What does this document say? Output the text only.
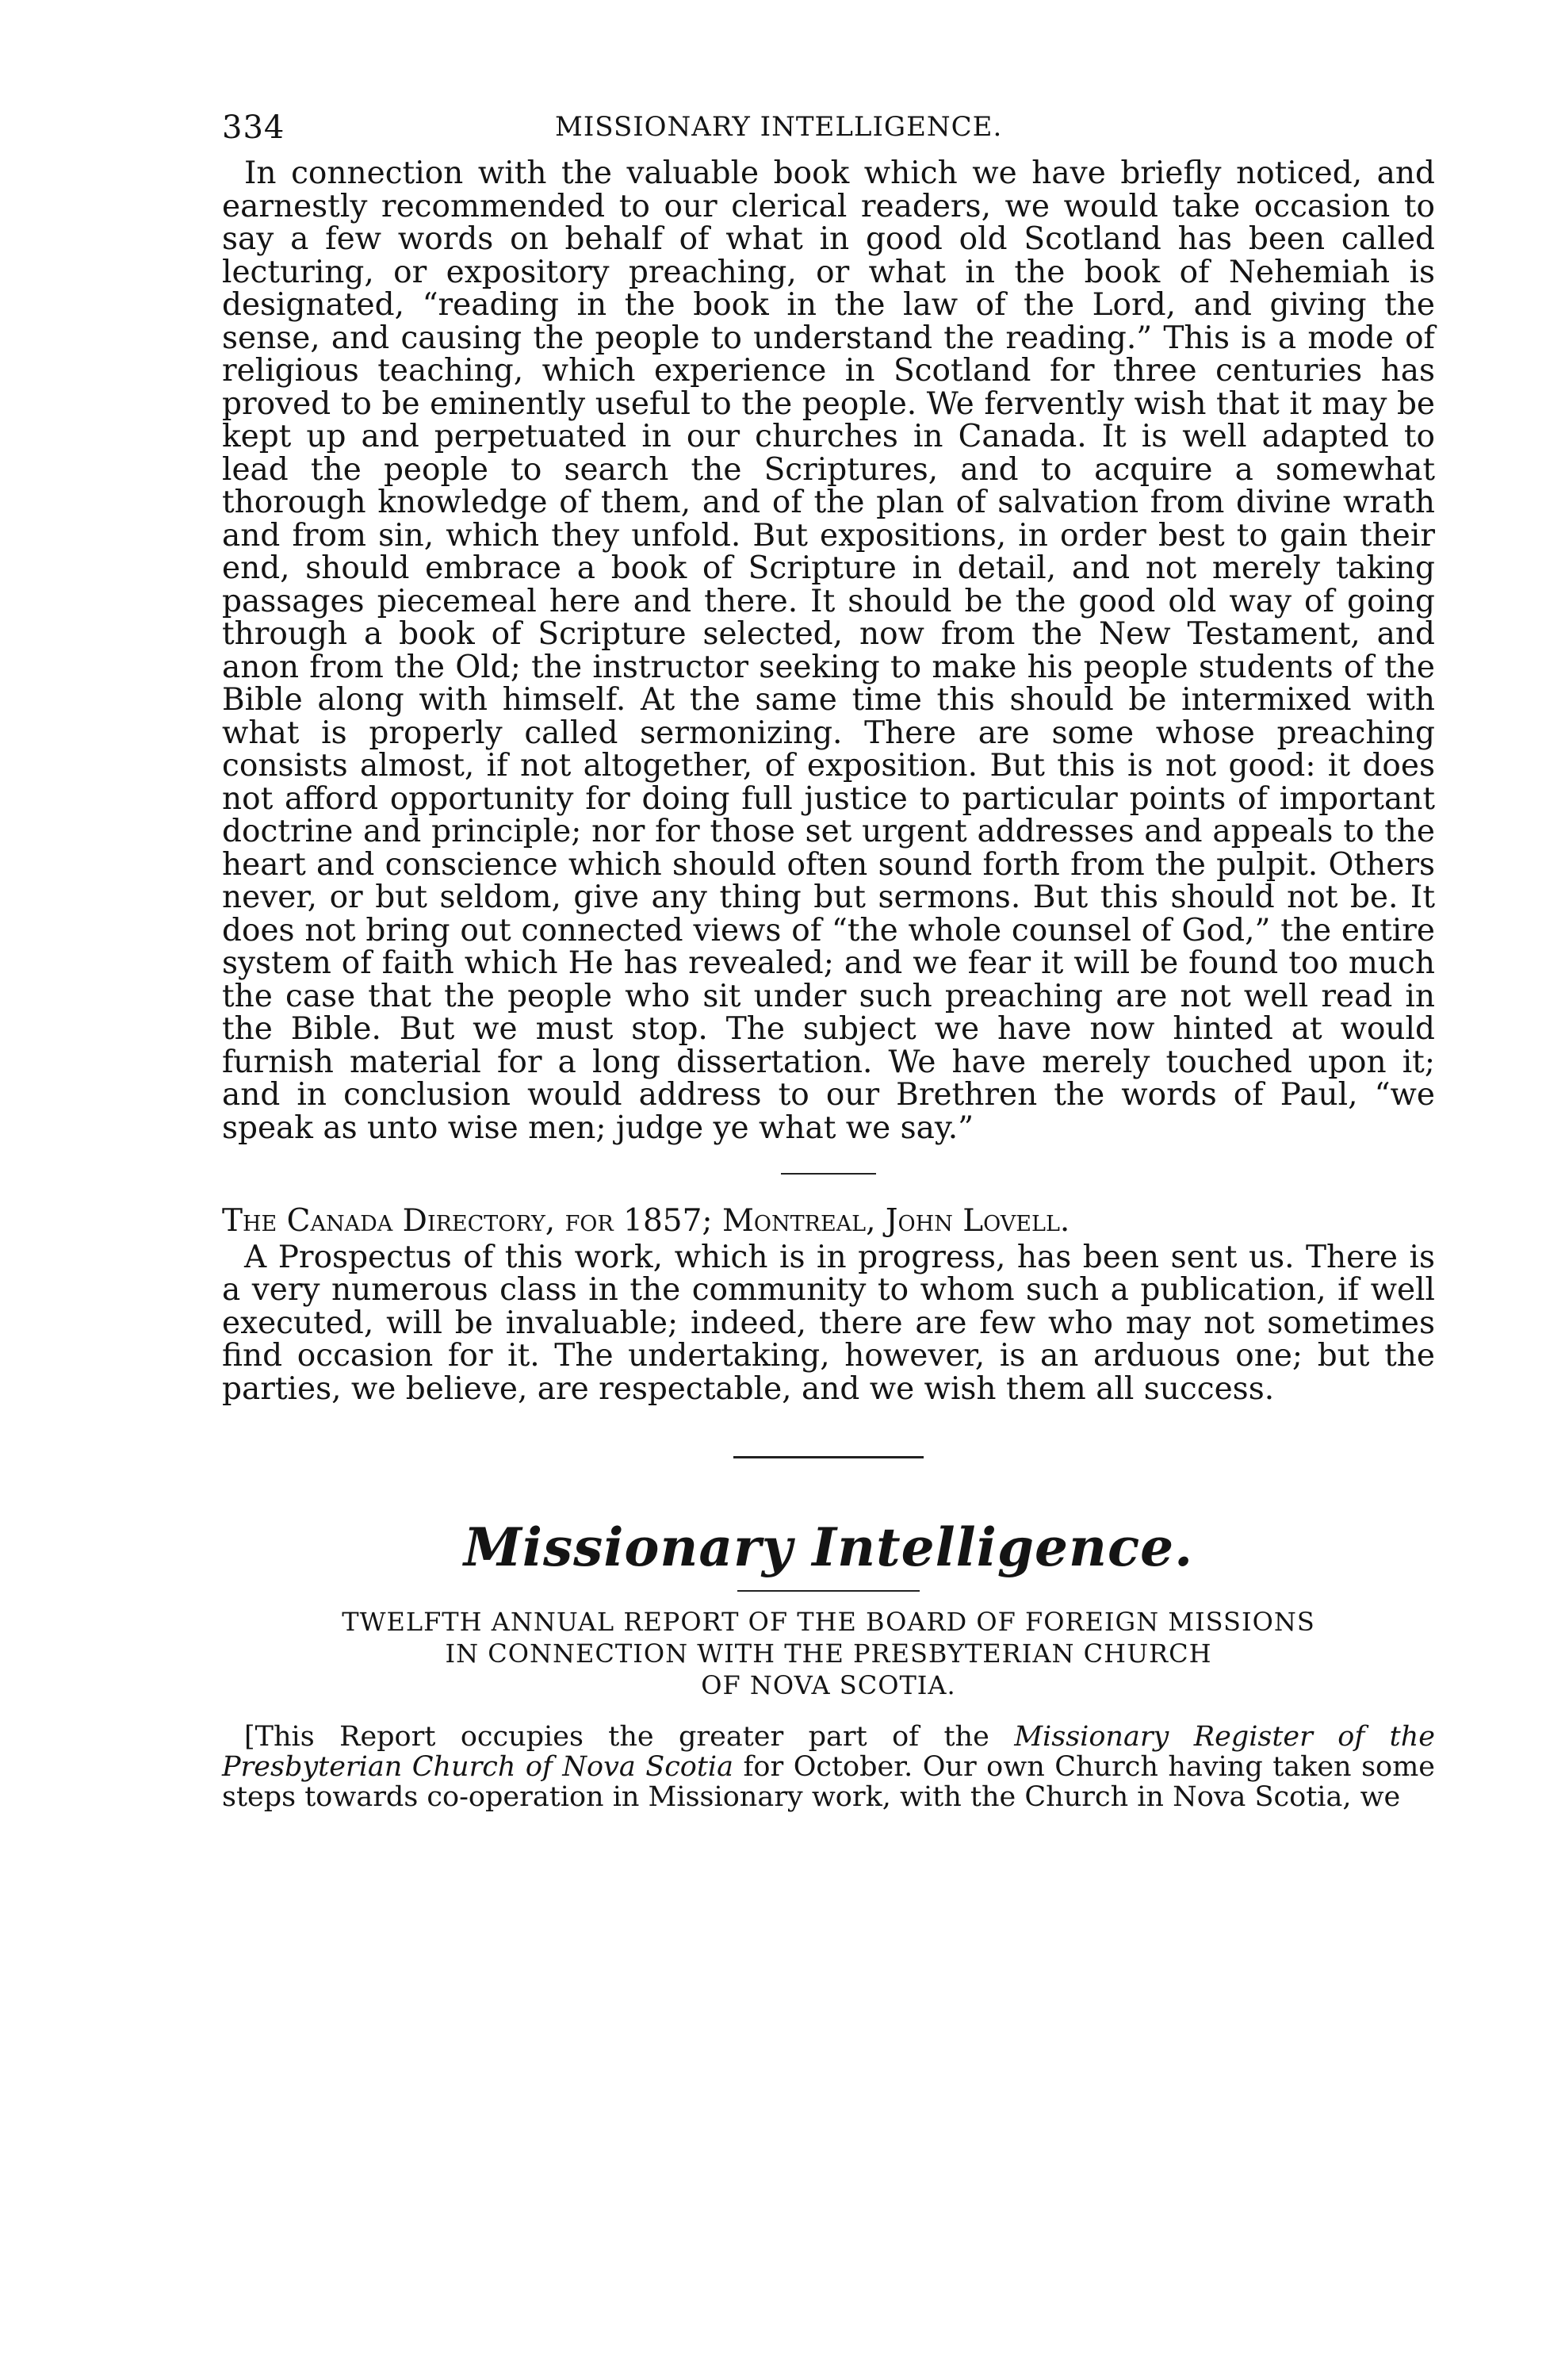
334	MISSIONARY INTELLIGENCE.

In connection with the valuable book which we have briefly noticed, and earnestly recommended to our clerical readers, we would take occasion to say a few words on behalf of what in good old Scotland has been called lecturing, or expository preaching, or what in the book of Nehemiah is designated, “reading in the book in the law of the Lord, and giving the sense, and causing the people to understand the reading.” This is a mode of religious teaching, which experience in Scotland for three centuries has proved to be eminently useful to the people. We fervently wish that it may be kept up and perpetuated in our churches in Canada. It is well adapted to lead the people to search the Scriptures, and to acquire a somewhat thorough knowledge of them, and of the plan of salvation from divine wrath and from sin, which they unfold. But expositions, in order best to gain their end, should embrace a book of Scripture in detail, and not merely taking passages piecemeal here and there. It should be the good old way of going through a book of Scripture selected, now from the New Testament, and anon from the Old; the instructor seeking to make his people students of the Bible along with himself. At the same time this should be intermixed with what is properly called sermonizing. There are some whose preaching consists almost, if not altogether, of exposition. But this is not good: it does not afford opportunity for doing full justice to particular points of important doctrine and principle; nor for those set urgent addresses and appeals to the heart and conscience which should often sound forth from the pulpit. Others never, or but seldom, give any thing but sermons. But this should not be. It does not bring out connected views of “the whole counsel of God,” the entire system of faith which He has revealed; and we fear it will be found too much the case that the people who sit under such preaching are not well read in the Bible. But we must stop. The subject we have now hinted at would furnish material for a long dissertation. We have merely touched upon it; and in conclusion would address to our Brethren the words of Paul, “we speak as unto wise men; judge ye what we say.”

The Canada Directory, for 1857; Montreal, John Lovell.

A Prospectus of this work, which is in progress, has been sent us. There is a very numerous class in the community to whom such a publication, if well executed, will be invaluable; indeed, there are few who may not sometimes find occasion for it. The undertaking, however, is an arduous one; but the parties, we believe, are respectable, and we wish them all success.

Missionary Intelligence.
TWELFTH ANNUAL REPORT OF THE BOARD OF FOREIGN MISSIONS
IN CONNECTION WITH THE PRESBYTERIAN CHURCH
OF NOVA SCOTIA.

[This Report occupies the greater part of the Missionary Register of the Presbyterian Church of Nova Scotia for October. Our own Church having taken some steps towards co-operation in Missionary work, with the Church in Nova Scotia, we
